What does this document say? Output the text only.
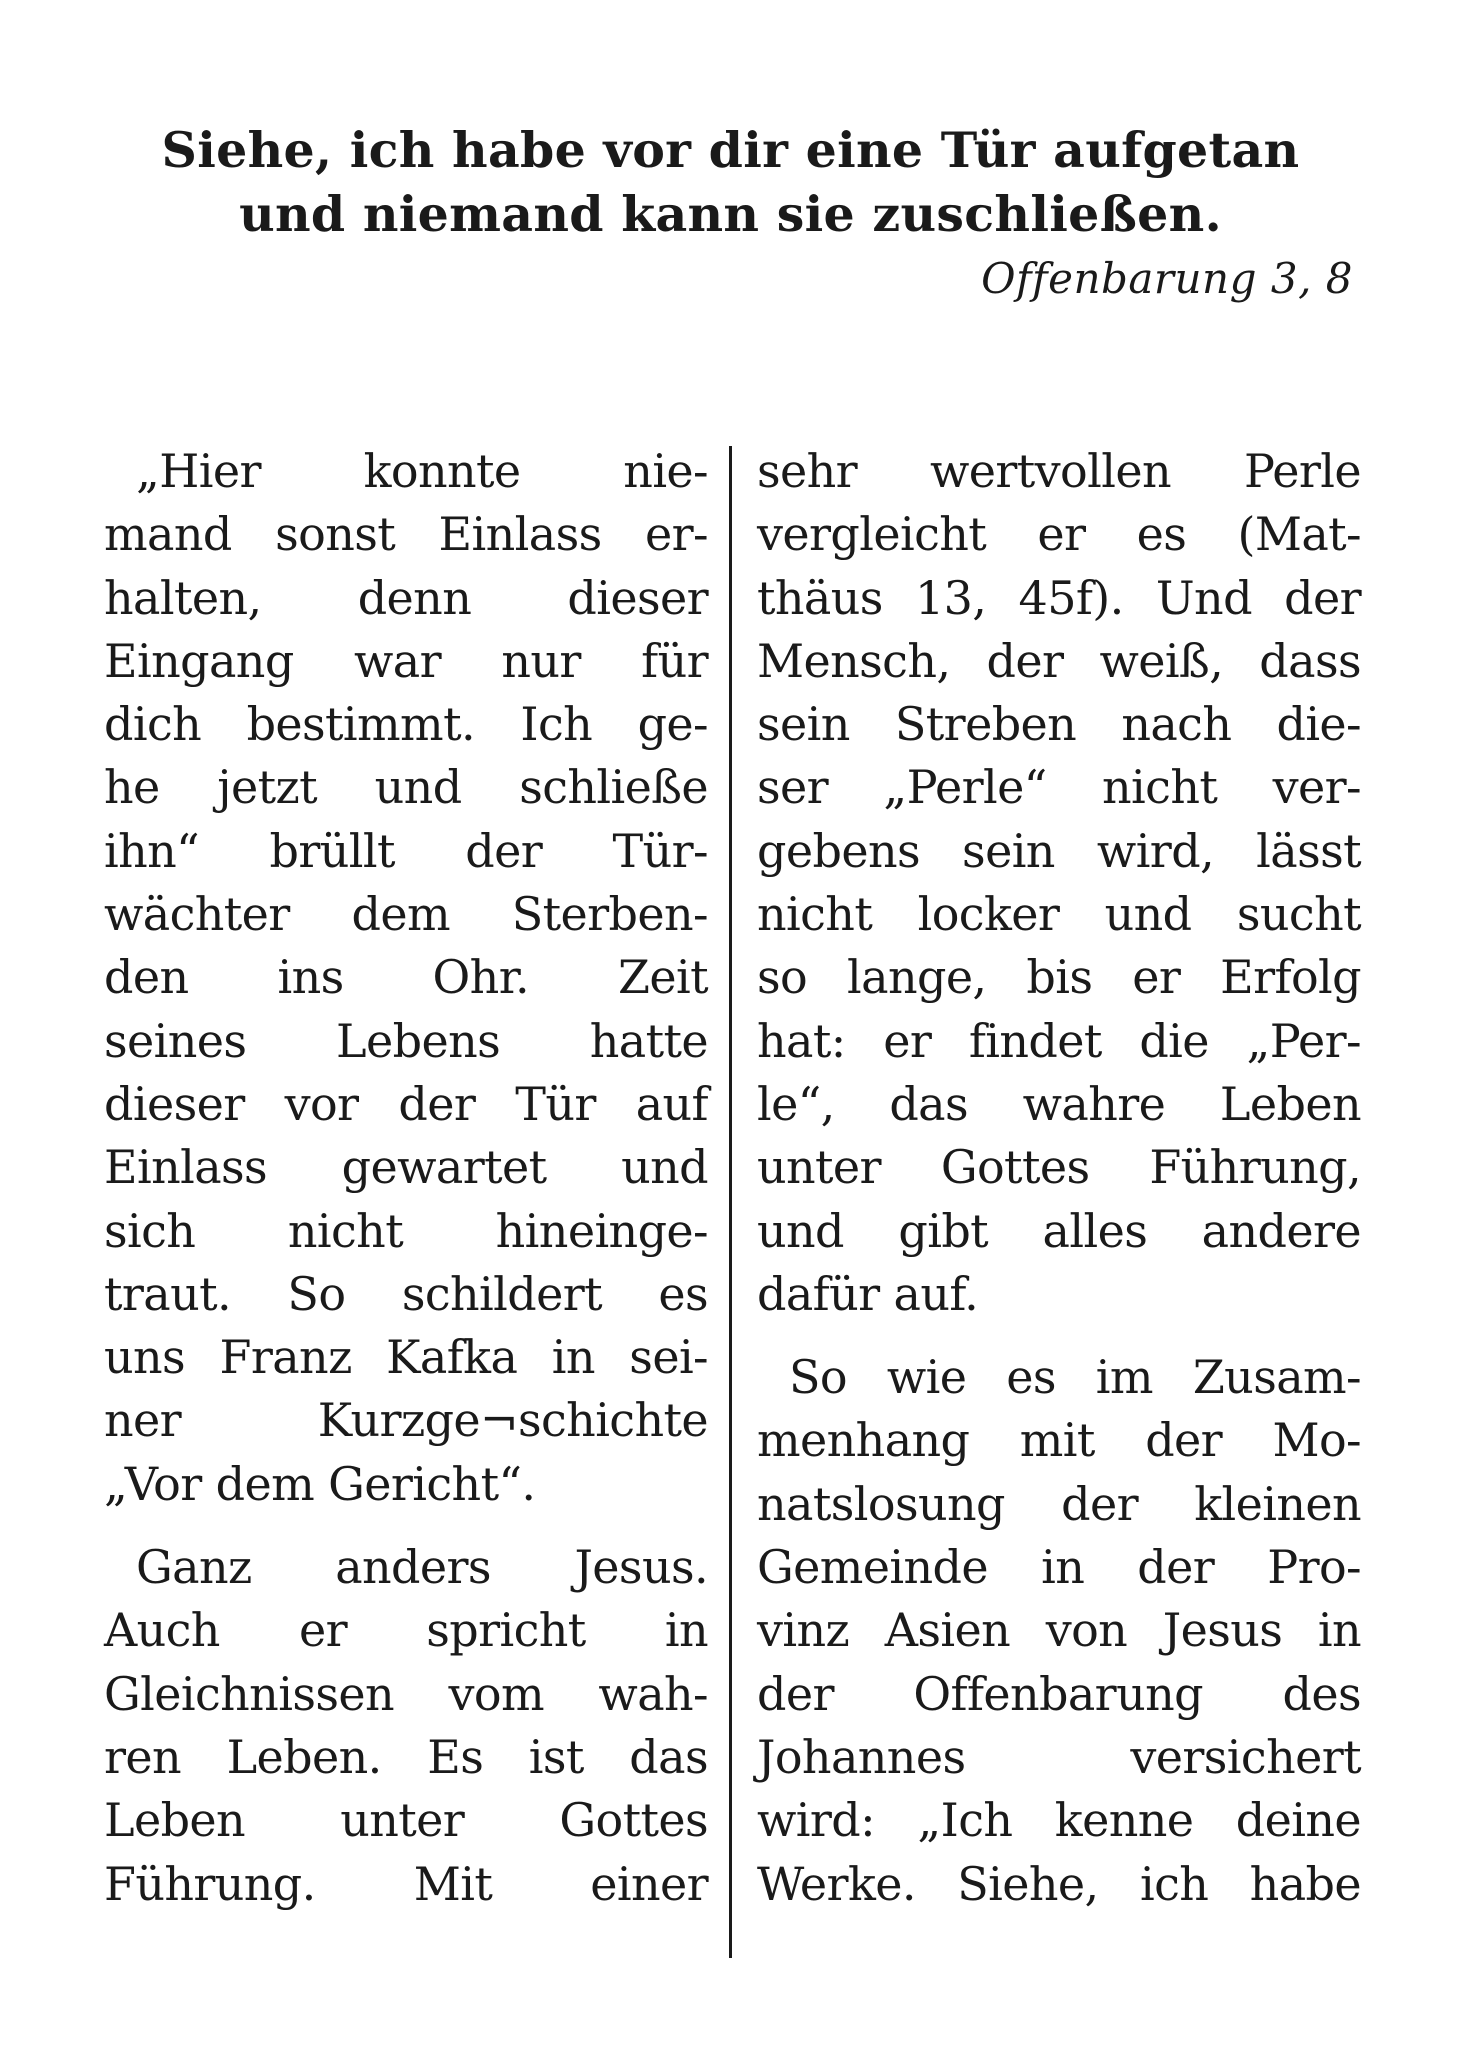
Siehe, ich habe vor dir eine Tür aufgetan
und niemand kann sie zuschließen.
Offenbarung 3, 8
„Hier konnte nie-
mand sonst Einlass er-
halten, denn dieser
Eingang war nur für
dich bestimmt. Ich ge-
he jetzt und schließe
ihn“ brüllt der Tür-
wächter dem Sterben-
den ins Ohr. Zeit
seines Lebens hatte
dieser vor der Tür auf
Einlass gewartet und
sich nicht hineinge-
traut. So schildert es
uns Franz Kafka in sei-
ner Kurzge¬schichte
„Vor dem Gericht“.
Ganz anders Jesus.
Auch er spricht in
Gleichnissen vom wah-
ren Leben. Es ist das
Leben unter Gottes
Führung. Mit einer
sehr wertvollen Perle
vergleicht er es (Mat-
thäus 13, 45f). Und der
Mensch, der weiß, dass
sein Streben nach die-
ser „Perle“ nicht ver-
gebens sein wird, lässt
nicht locker und sucht
so lange, bis er Erfolg
hat: er findet die „Per-
le“, das wahre Leben
unter Gottes Führung,
und gibt alles andere
dafür auf.
So wie es im Zusam-
menhang mit der Mo-
natslosung der kleinen
Gemeinde in der Pro-
vinz Asien von Jesus in
der Offenbarung des
Johannes versichert
wird: „Ich kenne deine
Werke. Siehe, ich habe
